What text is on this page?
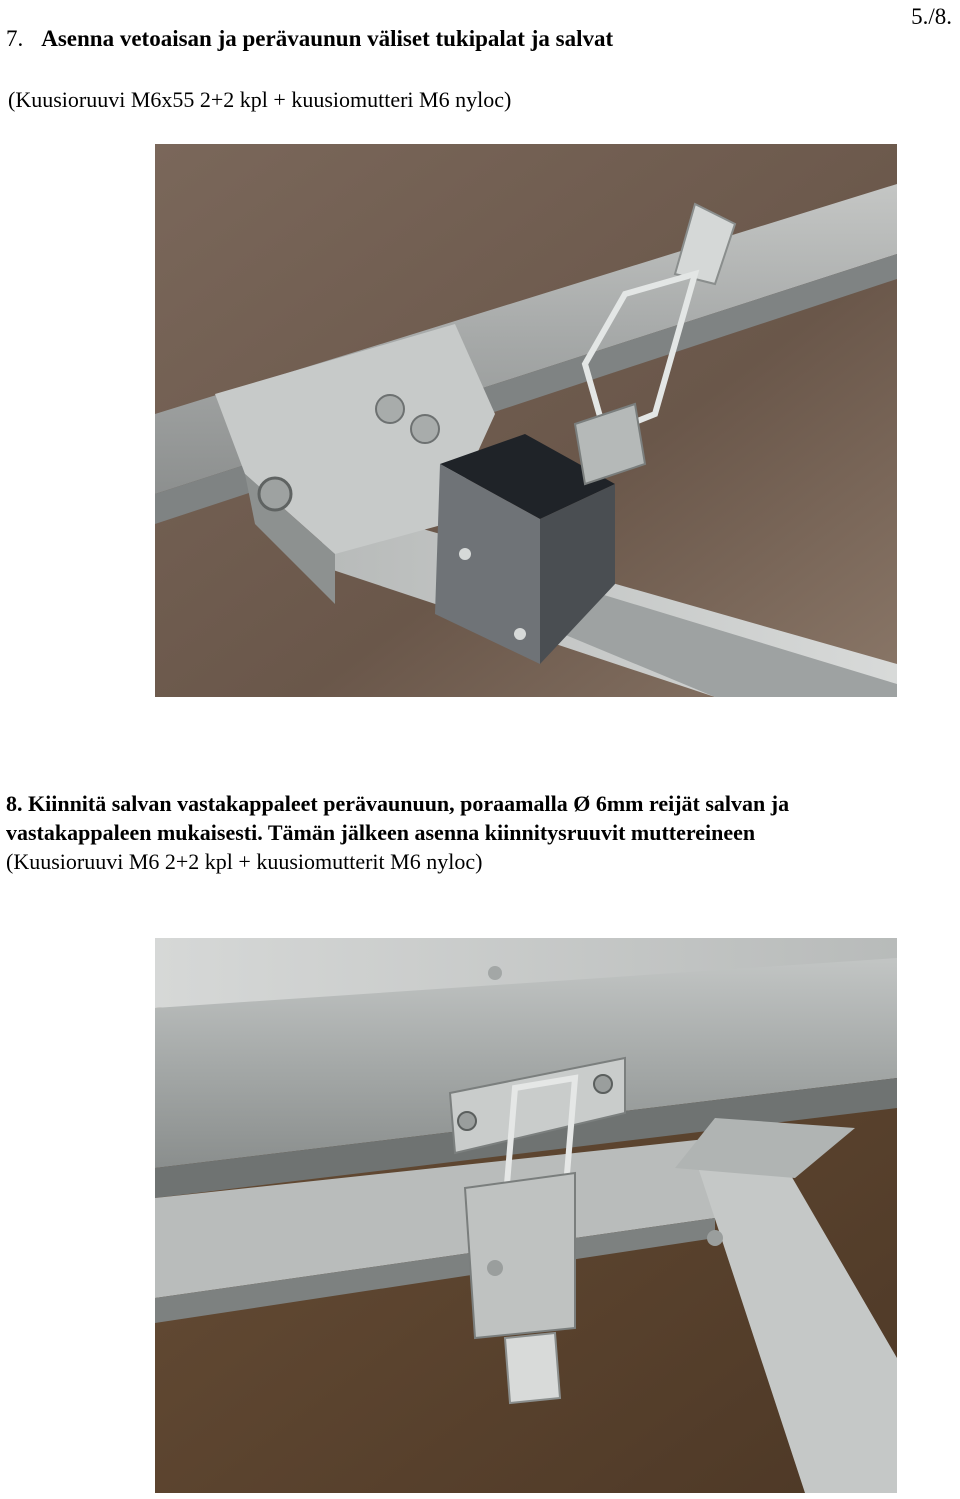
5./8.
7. Asenna vetoaisan ja perävaunun väliset tukipalat ja salvat
(Kuusioruuvi M6x55 2+2 kpl + kuusiomutteri M6 nyloc)
8. Kiinnitä salvan vastakappaleet perävaunuun, poraamalla Ø 6mm reijät salvan ja
vastakappaleen mukaisesti. Tämän jälkeen asenna kiinnitysruuvit muttereineen
(Kuusioruuvi M6 2+2 kpl + kuusiomutterit M6 nyloc)
